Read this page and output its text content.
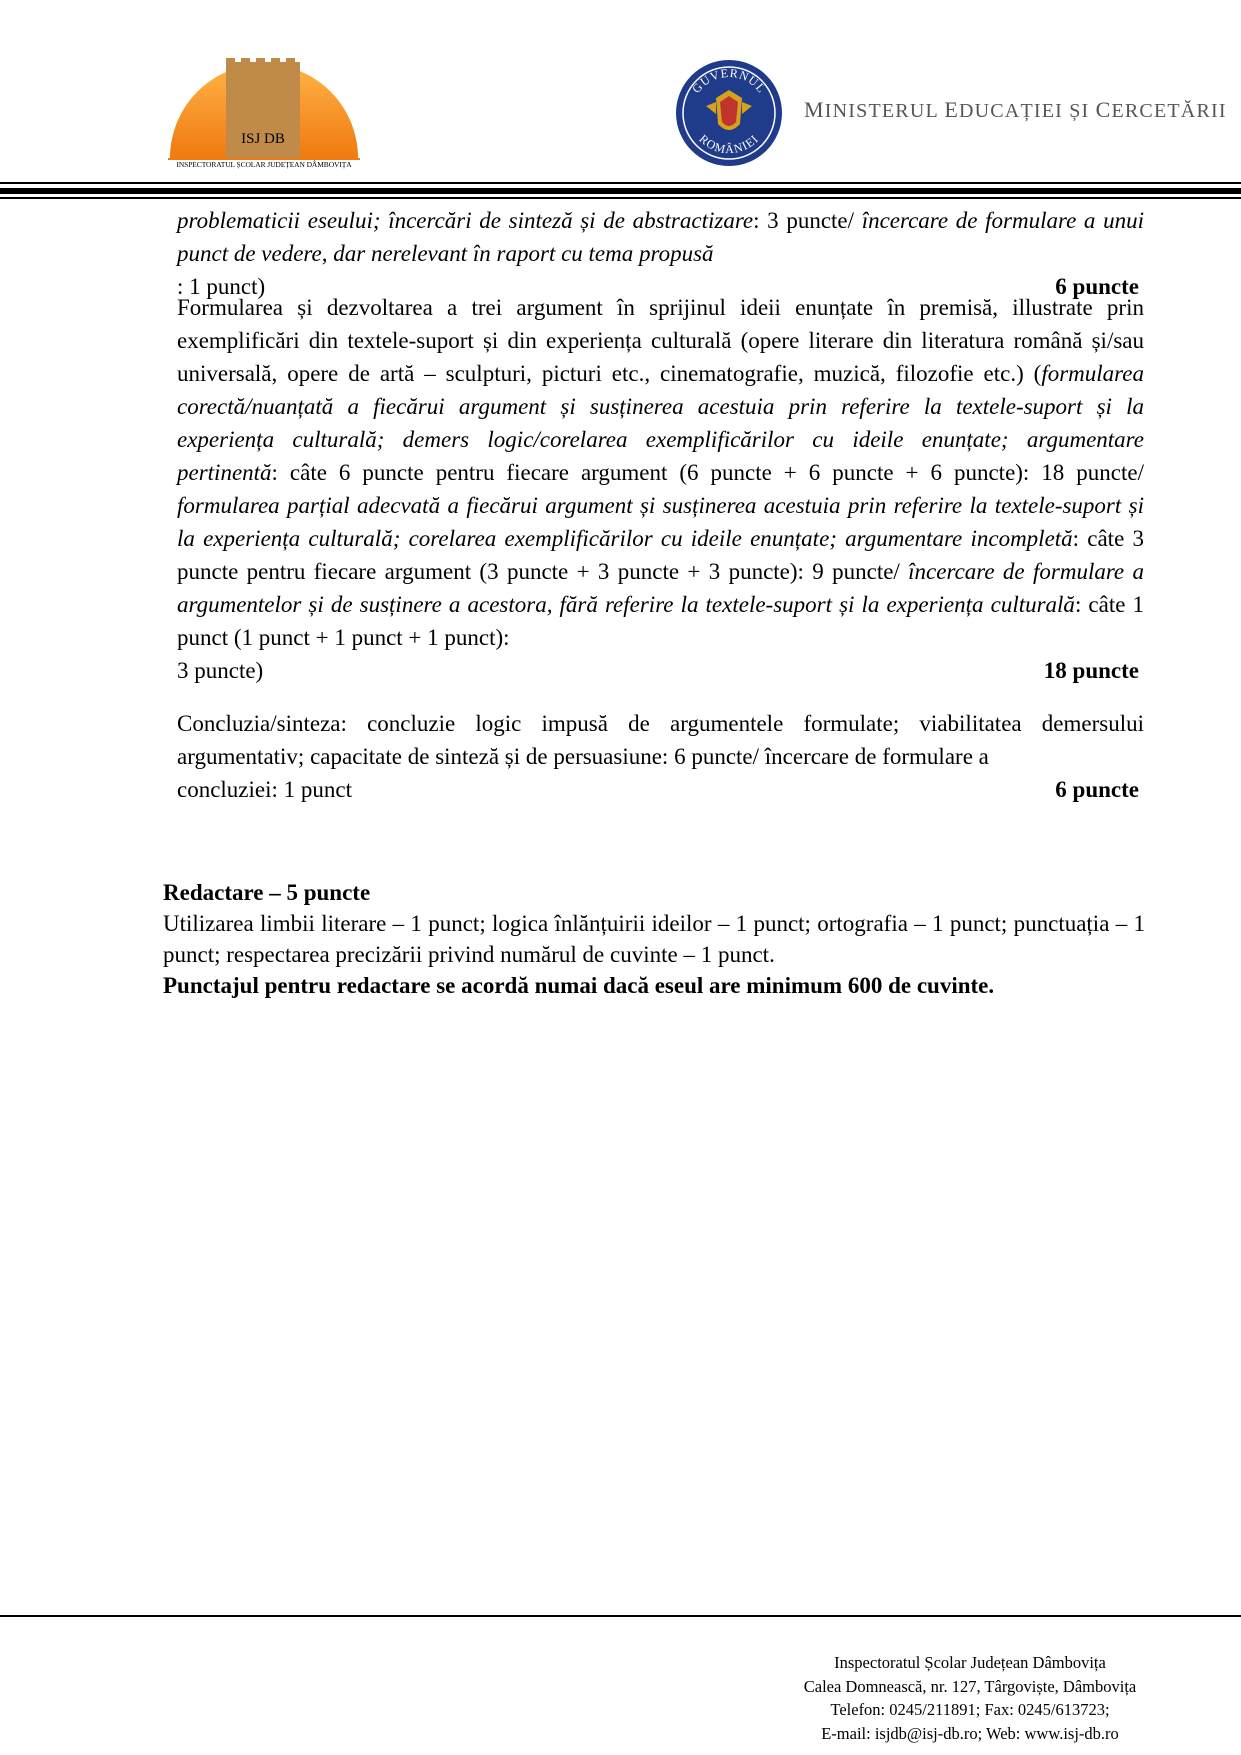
ISJ DB
INSPECTORATUL ȘCOLAR JUDEȚEAN DÂMBOVIȚA
GUVERNUL
ROMÂNIEI
MINISTERUL EDUCAȚIEI ȘI CERCETĂRII

problematicii eseului; încercări de sinteză și de abstractizare: 3 puncte/ încercare de formulare a unui punct de vedere, dar nerelevant în raport cu tema propusă

: 1 punct)	6 puncte

Formularea și dezvoltarea a trei argument în sprijinul ideii enunțate în premisă, illustrate prin exemplificări din textele-suport și din experiența culturală (opere literare din literatura română și/sau universală, opere de artă – sculpturi, picturi etc., cinematografie, muzică, filozofie etc.) (formularea corectă/nuanțată a fiecărui argument și susținerea acestuia prin referire la textele-suport și la experiența culturală; demers logic/corelarea exemplificărilor cu ideile enunțate; argumentare pertinentă: câte 6 puncte pentru fiecare argument (6 puncte + 6 puncte + 6 puncte): 18 puncte/ formularea parțial adecvată a fiecărui argument și susținerea acestuia prin referire la textele-suport și la experiența culturală; corelarea exemplificărilor cu ideile enunțate; argumentare incompletă: câte 3 puncte pentru fiecare argument (3 puncte + 3 puncte + 3 puncte): 9 puncte/ încercare de formulare a argumentelor și de susținere a acestora, fără referire la textele-suport și la experiența culturală: câte 1 punct (1 punct + 1 punct + 1 punct):

3 puncte)	18 puncte

Concluzia/sinteza: concluzie logic impusă de argumentele formulate; viabilitatea demersului argumentativ; capacitate de sinteză și de persuasiune: 6 puncte/ încercare de formulare a

concluziei: 1 punct	6 puncte
Redactare – 5 puncte
Utilizarea limbii literare – 1 punct; logica înlănțuirii ideilor – 1 punct; ortografia – 1 punct; punctuația – 1 punct; respectarea precizării privind numărul de cuvinte – 1 punct.
Punctajul pentru redactare se acordă numai dacă eseul are minimum 600 de cuvinte.
Inspectoratul Școlar Județean Dâmbovița
Calea Domnească, nr. 127, Târgoviște, Dâmbovița
Telefon: 0245/211891; Fax: 0245/613723;
E-mail: isjdb@isj-db.ro; Web: www.isj-db.ro
